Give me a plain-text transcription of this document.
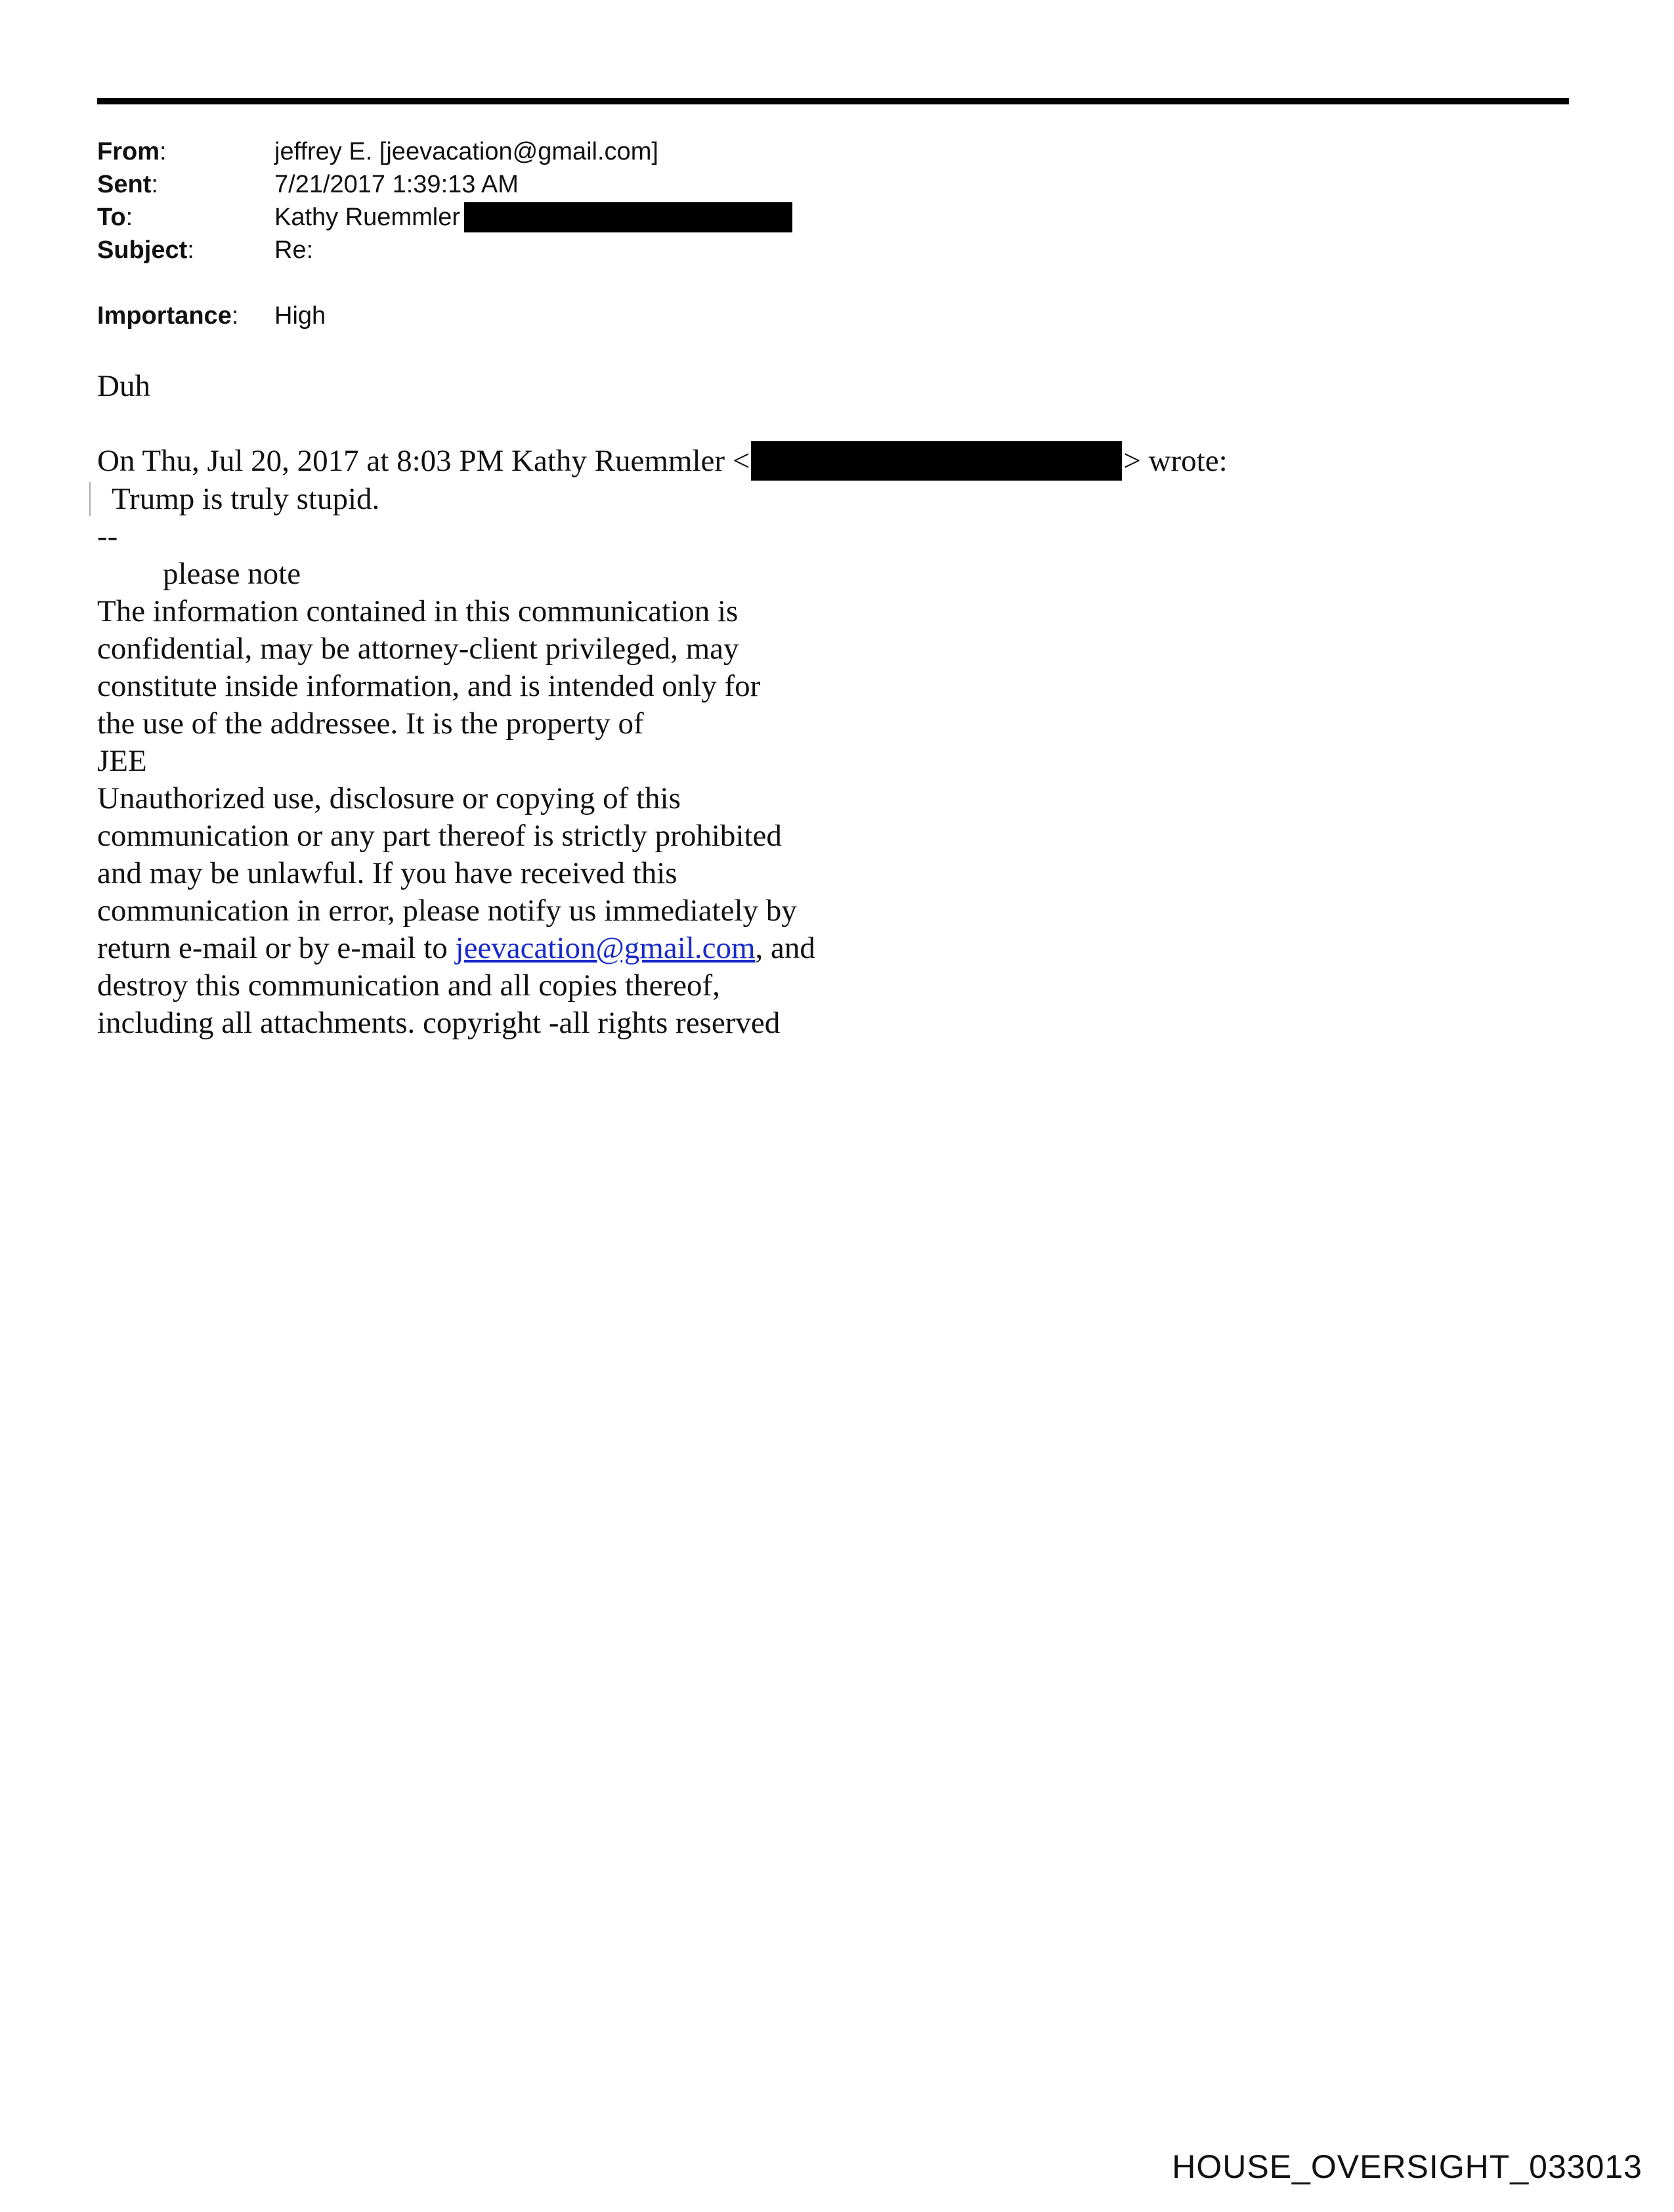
From:	jeffrey E. [jeevacation@gmail.com]
Sent:	7/21/2017 1:39:13 AM
To:	Kathy Ruemmler
Subject:	Re:
Importance:	High
Duh
On Thu, Jul 20, 2017 at 8:03 PM Kathy Ruemmler <	> wrote:
Trump is truly stupid.
--
please note
The information contained in this communication is
confidential, may be attorney-client privileged, may
constitute inside information, and is intended only for
the use of the addressee. It is the property of
JEE
Unauthorized use, disclosure or copying of this
communication or any part thereof is strictly prohibited
and may be unlawful. If you have received this
communication in error, please notify us immediately by
return e-mail or by e-mail to jeevacation@gmail.com, and
destroy this communication and all copies thereof,
including all attachments. copyright -all rights reserved
HOUSE_OVERSIGHT_033013
